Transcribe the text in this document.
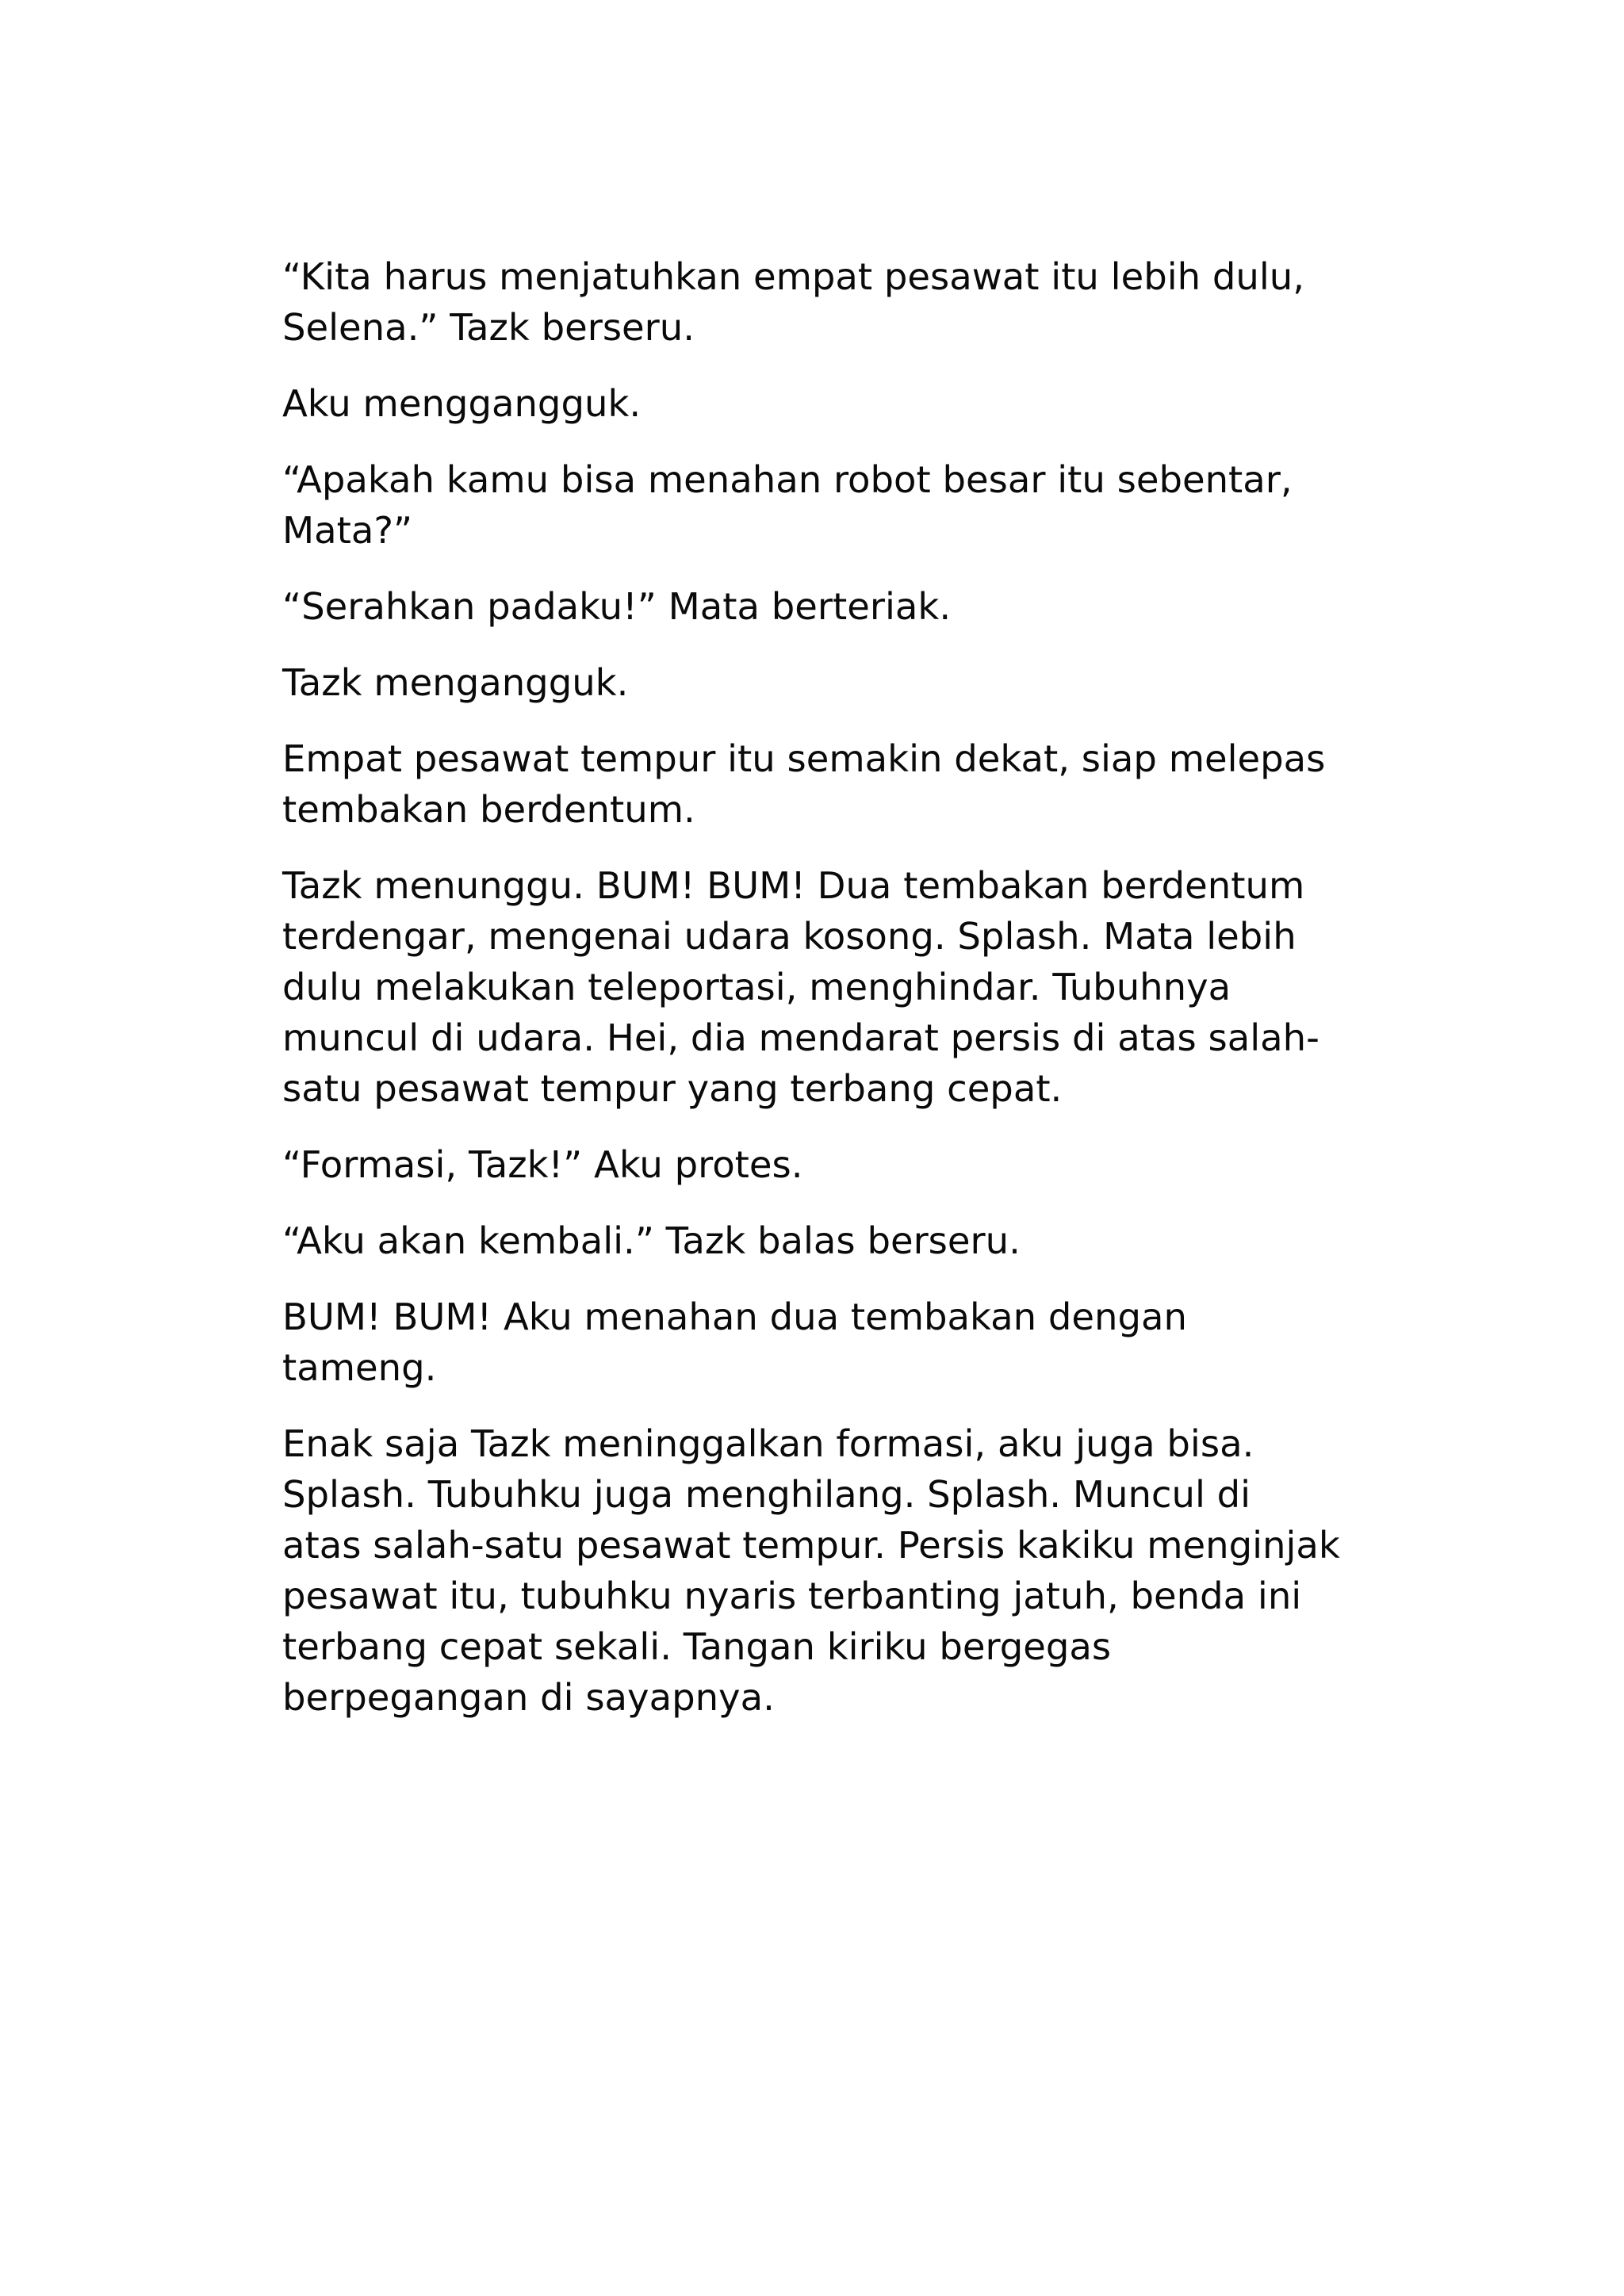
“Kita harus menjatuhkan empat pesawat itu lebih dulu,
Selena.” Tazk berseru.

Aku menggangguk.

“Apakah kamu bisa menahan robot besar itu sebentar,
Mata?”

“Serahkan padaku!” Mata berteriak.

Tazk mengangguk.

Empat pesawat tempur itu semakin dekat, siap melepas
tembakan berdentum.

Tazk menunggu. BUM! BUM! Dua tembakan berdentum
terdengar, mengenai udara kosong. Splash. Mata lebih
dulu melakukan teleportasi, menghindar. Tubuhnya
muncul di udara. Hei, dia mendarat persis di atas salah-
satu pesawat tempur yang terbang cepat.

“Formasi, Tazk!” Aku protes.

“Aku akan kembali.” Tazk balas berseru.

BUM! BUM! Aku menahan dua tembakan dengan
tameng.

Enak saja Tazk meninggalkan formasi, aku juga bisa.
Splash. Tubuhku juga menghilang. Splash. Muncul di
atas salah-satu pesawat tempur. Persis kakiku menginjak
pesawat itu, tubuhku nyaris terbanting jatuh, benda ini
terbang cepat sekali. Tangan kiriku bergegas
berpegangan di sayapnya.
